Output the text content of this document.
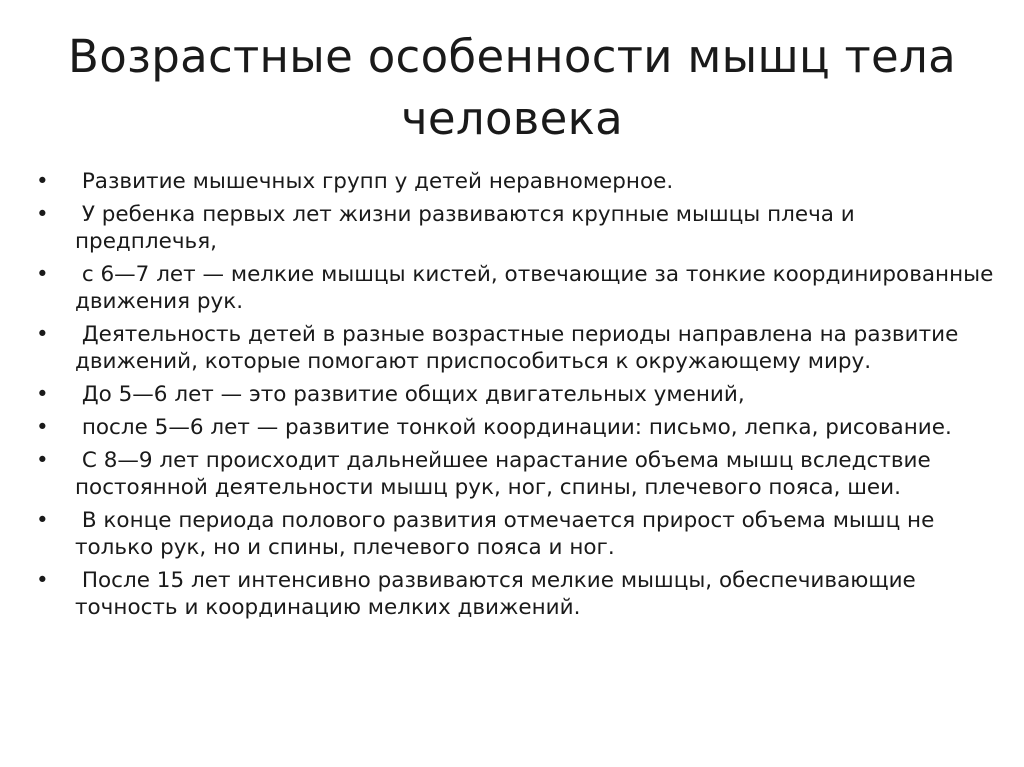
Возрастные особенности мышц тела человека
•	Развитие мышечных групп у детей неравномерное.
•	У ребенка первых лет жизни развиваются крупные мышцы плеча и предплечья,
•	с 6—7 лет — мелкие мышцы кистей, отвечающие за тонкие координированные движения рук.
•	Деятельность детей в разные возрастные периоды направлена на развитие движений, которые помогают приспособиться к окружающему миру.
•	До 5—6 лет — это развитие общих двигательных умений,
•	после 5—6 лет — развитие тонкой координации: письмо, лепка, рисование.
•	С 8—9 лет происходит дальнейшее нарастание объема мышц вследствие постоянной деятельности мышц рук, ног, спины, плечевого пояса, шеи.
•	В конце периода полового развития отмечается прирост объема мышц не только рук, но и спины, плечевого пояса и ног.
•	После 15 лет интенсивно развиваются мелкие мышцы, обеспечивающие точность и координацию мелких движений.
